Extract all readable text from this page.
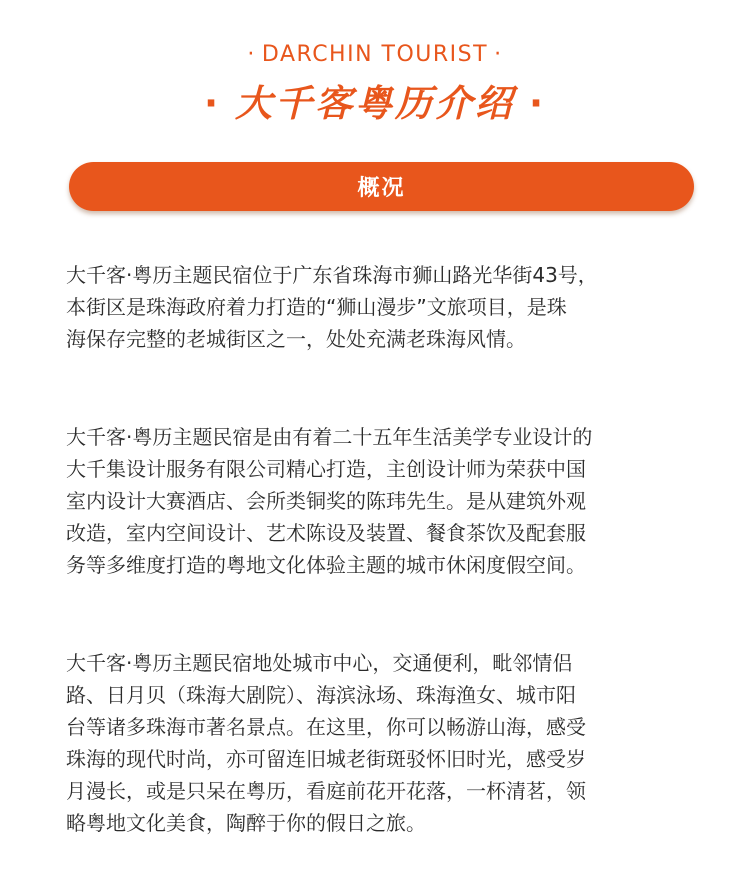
· DARCHIN TOURIST ·
· 大千客粤历介绍 ·
概况

大千客·粤历主题民宿位于广东省珠海市狮山路光华街43号，
本街区是珠海政府着力打造的“狮山漫步”文旅项目，是珠
海保存完整的老城街区之一，处处充满老珠海风情。

大千客·粤历主题民宿是由有着二十五年生活美学专业设计的
大千集设计服务有限公司精心打造，主创设计师为荣获中国
室内设计大赛酒店、会所类铜奖的陈玮先生。是从建筑外观
改造，室内空间设计、艺术陈设及装置、餐食茶饮及配套服
务等多维度打造的粤地文化体验主题的城市休闲度假空间。

大千客·粤历主题民宿地处城市中心，交通便利，毗邻情侣
路、日月贝（珠海大剧院）、海滨泳场、珠海渔女、城市阳
台等诸多珠海市著名景点。在这里，你可以畅游山海，感受
珠海的现代时尚，亦可留连旧城老街斑驳怀旧时光，感受岁
月漫长，或是只呆在粤历，看庭前花开花落，一杯清茗，领
略粤地文化美食，陶醉于你的假日之旅。
